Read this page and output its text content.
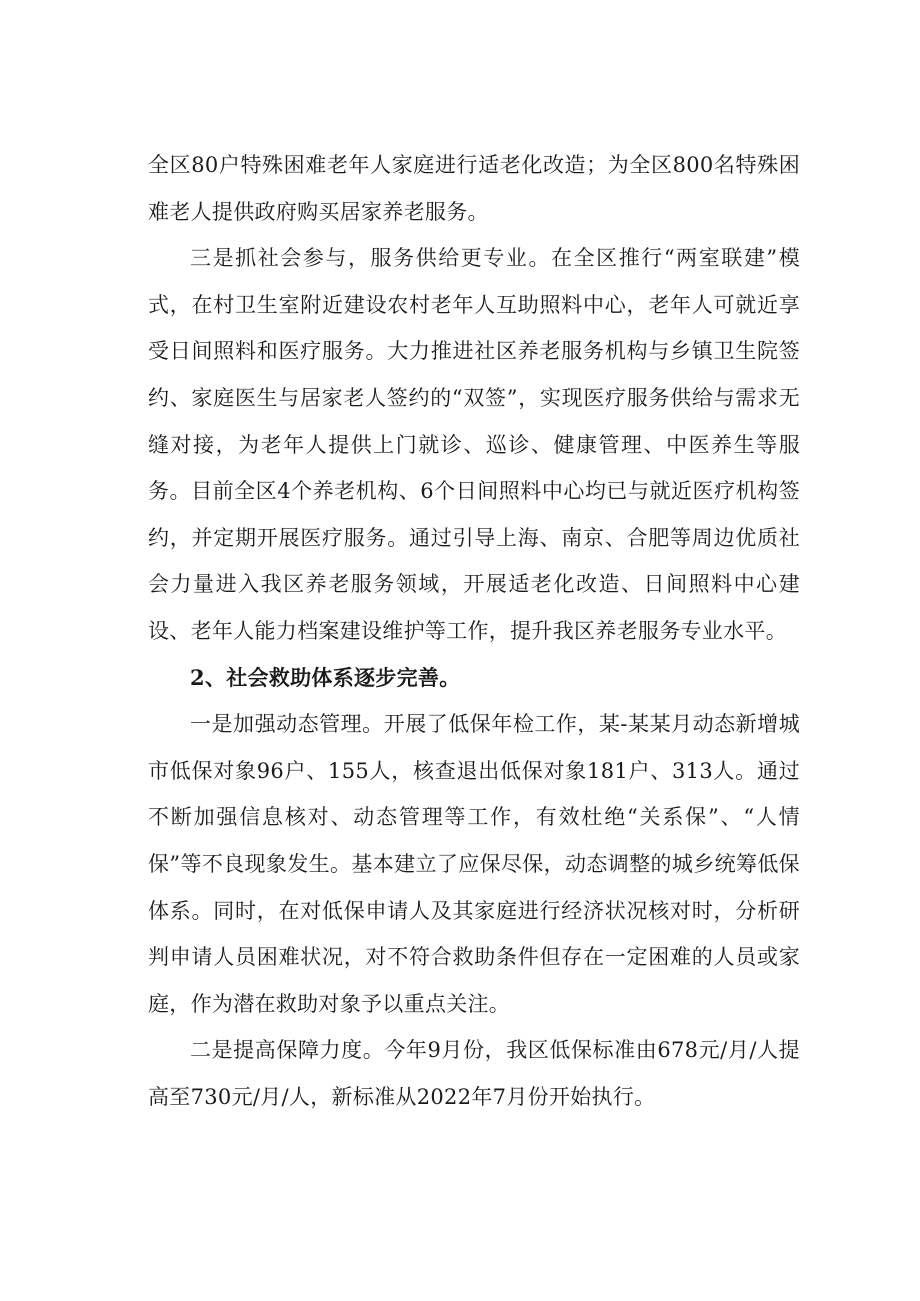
全区80户特殊困难老年人家庭进行适老化改造；为全区800名特殊困难老人提供政府购买居家养老服务。

三是抓社会参与，服务供给更专业。在全区推行“两室联建”模式，在村卫生室附近建设农村老年人互助照料中心，老年人可就近享受日间照料和医疗服务。大力推进社区养老服务机构与乡镇卫生院签约、家庭医生与居家老人签约的“双签”，实现医疗服务供给与需求无缝对接，为老年人提供上门就诊、巡诊、健康管理、中医养生等服务。目前全区4个养老机构、6个日间照料中心均已与就近医疗机构签约，并定期开展医疗服务。通过引导上海、南京、合肥等周边优质社会力量进入我区养老服务领域，开展适老化改造、日间照料中心建设、老年人能力档案建设维护等工作，提升我区养老服务专业水平。

2、社会救助体系逐步完善。

一是加强动态管理。开展了低保年检工作，某-某某月动态新增城市低保对象96户、155人，核查退出低保对象181户、313人。通过不断加强信息核对、动态管理等工作，有效杜绝“关系保”、“人情保”等不良现象发生。基本建立了应保尽保，动态调整的城乡统筹低保体系。同时，在对低保申请人及其家庭进行经济状况核对时，分析研判申请人员困难状况，对不符合救助条件但存在一定困难的人员或家庭，作为潜在救助对象予以重点关注。

二是提高保障力度。今年9月份，我区低保标准由678元/月/人提高至730元/月/人，新标准从2022年7月份开始执行。
